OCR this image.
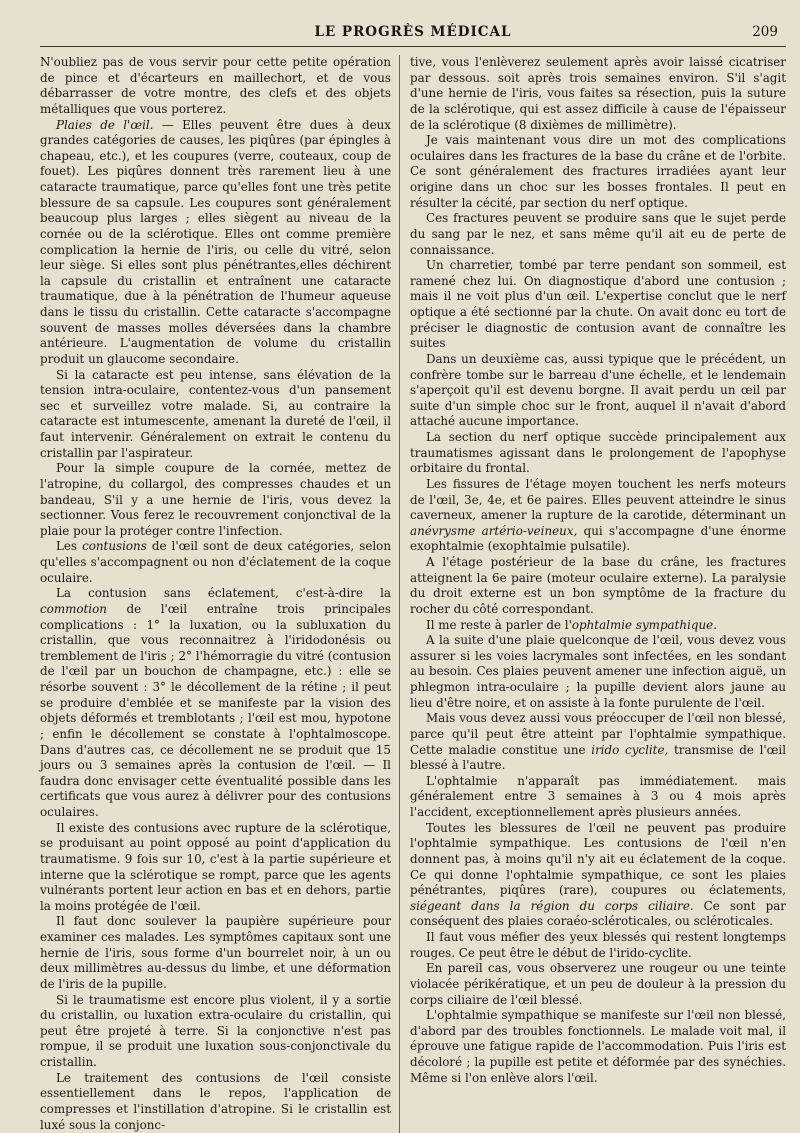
LE PROGRÈS MÉDICAL	209

N'oubliez pas de vous servir pour cette petite opération de pince et d'écarteurs en maillechort, et de vous débarrasser de votre montre, des clefs et des objets métalliques que vous porterez.

Plaies de l'œil. — Elles peuvent être dues à deux grandes catégories de causes, les piqûres (par épingles à chapeau, etc.), et les coupures (verre, couteaux, coup de fouet). Les piqûres donnent très rarement lieu à une cataracte traumatique, parce qu'elles font une très petite blessure de sa capsule. Les coupures sont généralement beaucoup plus larges ; elles siègent au niveau de la cornée ou de la sclérotique. Elles ont comme première complication la hernie de l'iris, ou celle du vitré, selon leur siège. Si elles sont plus pénétrantes,elles déchirent la capsule du cristallin et entraînent une cataracte traumatique, due à la pénétration de l'humeur aqueuse dans le tissu du cristallin. Cette cataracte s'accompagne souvent de masses molles déversées dans la chambre antérieure. L'augmentation de volume du cristallin produit un glaucome secondaire.

Si la cataracte est peu intense, sans élévation de la tension intra-oculaire, contentez-vous d'un pansement sec et surveillez votre malade. Si, au contraire la cataracte est intumescente, amenant la dureté de l'œil, il faut intervenir. Généralement on extrait le contenu du cristallin par l'aspirateur.

Pour la simple coupure de la cornée, mettez de l'atropine, du collargol, des compresses chaudes et un bandeau, S'il y a une hernie de l'iris, vous devez la sectionner. Vous ferez le recouvrement conjonctival de la plaie pour la protéger contre l'infection.

Les contusions de l'œil sont de deux catégories, selon qu'elles s'accompagnent ou non d'éclatement de la coque oculaire.

La contusion sans éclatement, c'est-à-dire la commotion de l'œil entraîne trois principales complications : 1° la luxation, ou la subluxation du cristallin, que vous reconnaitrez à l'iridodonésis ou tremblement de l'iris ; 2° l'hémorragie du vitré (contusion de l'œil par un bouchon de champagne, etc.) : elle se résorbe souvent : 3° le décollement de la rétine ; il peut se produire d'emblée et se manifeste par la vision des objets déformés et tremblotants ; l'œil est mou, hypotone ; enfin le décollement se constate à l'ophtalmoscope. Dans d'autres cas, ce décollement ne se produit que 15 jours ou 3 semaines après la contusion de l'œil. — Il faudra donc envisager cette éventualité possible dans les certificats que vous aurez à délivrer pour des contusions oculaires.

Il existe des contusions avec rupture de la sclérotique, se produisant au point opposé au point d'application du traumatisme. 9 fois sur 10, c'est à la partie supérieure et interne que la sclérotique se rompt, parce que les agents vulnérants portent leur action en bas et en dehors, partie la moins protégée de l'œil.

Il faut donc soulever la paupière supérieure pour examiner ces malades. Les symptômes capitaux sont une hernie de l'iris, sous forme d'un bourrelet noir, à un ou deux millimètres au-dessus du limbe, et une déformation de l'iris de la pupille.

Si le traumatisme est encore plus violent, il y a sortie du cristallin, ou luxation extra-oculaire du cristallin, qui peut être projeté à terre. Si la conjonctive n'est pas rompue, il se produit une luxation sous-conjonctivale du cristallin.

Le traitement des contusions de l'œil consiste essentiellement dans le repos, l'application de compresses et l'instillation d'atropine. Si le cristallin est luxé sous la conjonc-

tive, vous l'enlèverez seulement après avoir laissé cicatriser par dessous. soit après trois semaines environ. S'il s'agit d'une hernie de l'iris, vous faites sa résection, puis la suture de la sclérotique, qui est assez difficile à cause de l'épaisseur de la sclérotique (8 dixièmes de millimètre).

Je vais maintenant vous dire un mot des complications oculaires dans les fractures de la base du crâne et de l'orbite. Ce sont généralement des fractures irradiées ayant leur origine dans un choc sur les bosses frontales. Il peut en résulter la cécité, par section du nerf optique.

Ces fractures peuvent se produire sans que le sujet perde du sang par le nez, et sans même qu'il ait eu de perte de connaissance.

Un charretier, tombé par terre pendant son sommeil, est ramené chez lui. On diagnostique d'abord une contusion ; mais il ne voit plus d'un œil. L'expertise conclut que le nerf optique a été sectionné par la chute. On avait donc eu tort de préciser le diagnostic de contusion avant de connaître les suites

Dans un deuxième cas, aussi typique que le précédent, un confrère tombe sur le barreau d'une échelle, et le lendemain s'aperçoit qu'il est devenu borgne. Il avait perdu un œil par suite d'un simple choc sur le front, auquel il n'avait d'abord attaché aucune importance.

La section du nerf optique succède principalement aux traumatismes agissant dans le prolongement de l'apophyse orbitaire du frontal.

Les fissures de l'étage moyen touchent les nerfs moteurs de l'œil, 3e, 4e, et 6e paires. Elles peuvent atteindre le sinus caverneux, amener la rupture de la carotide, déterminant un anévrysme artério-veineux, qui s'accompagne d'une énorme exophtalmie (exophtalmie pulsatile).

A l'étage postérieur de la base du crâne, les fractures atteignent la 6e paire (moteur oculaire externe). La paralysie du droit externe est un bon symptôme de la fracture du rocher du côté correspondant.

Il me reste à parler de l'ophtalmie sympathique.

A la suite d'une plaie quelconque de l'œil, vous devez vous assurer si les voies lacrymales sont infectées, en les sondant au besoin. Ces plaies peuvent amener une infection aiguë, un phlegmon intra-oculaire ; la pupille devient alors jaune au lieu d'être noire, et on assiste à la fonte purulente de l'œil.

Mais vous devez aussi vous préoccuper de l'œil non blessé, parce qu'il peut être atteint par l'ophtalmie sympathique. Cette maladie constitue une irido cyclite, transmise de l'œil blessé à l'autre.

L'ophtalmie n'apparaît pas immédiatement. mais généralement entre 3 semaines à 3 ou 4 mois après l'accident, exceptionnellement après plusieurs années.

Toutes les blessures de l'œil ne peuvent pas produire l'ophtalmie sympathique. Les contusions de l'œil n'en donnent pas, à moins qu'il n'y ait eu éclatement de la coque. Ce qui donne l'ophtalmie sympathique, ce sont les plaies pénétrantes, piqûres (rare), coupures ou éclatements, siégeant dans la région du corps ciliaire. Ce sont par conséquent des plaies coraéo-scléroticales, ou scléroticales.

Il faut vous méfier des yeux blessés qui restent longtemps rouges. Ce peut être le début de l'irido-cyclite.

En pareil cas, vous observerez une rougeur ou une teinte violacée périkératique, et un peu de douleur à la pression du corps ciliaire de l'œil blessé.

L'ophtalmie sympathique se manifeste sur l'œil non blessé, d'abord par des troubles fonctionnels. Le malade voit mal, il éprouve une fatigue rapide de l'accommodation. Puis l'iris est décoloré ; la pupille est petite et déformée par des synéchies. Même si l'on enlève alors l'œil.
